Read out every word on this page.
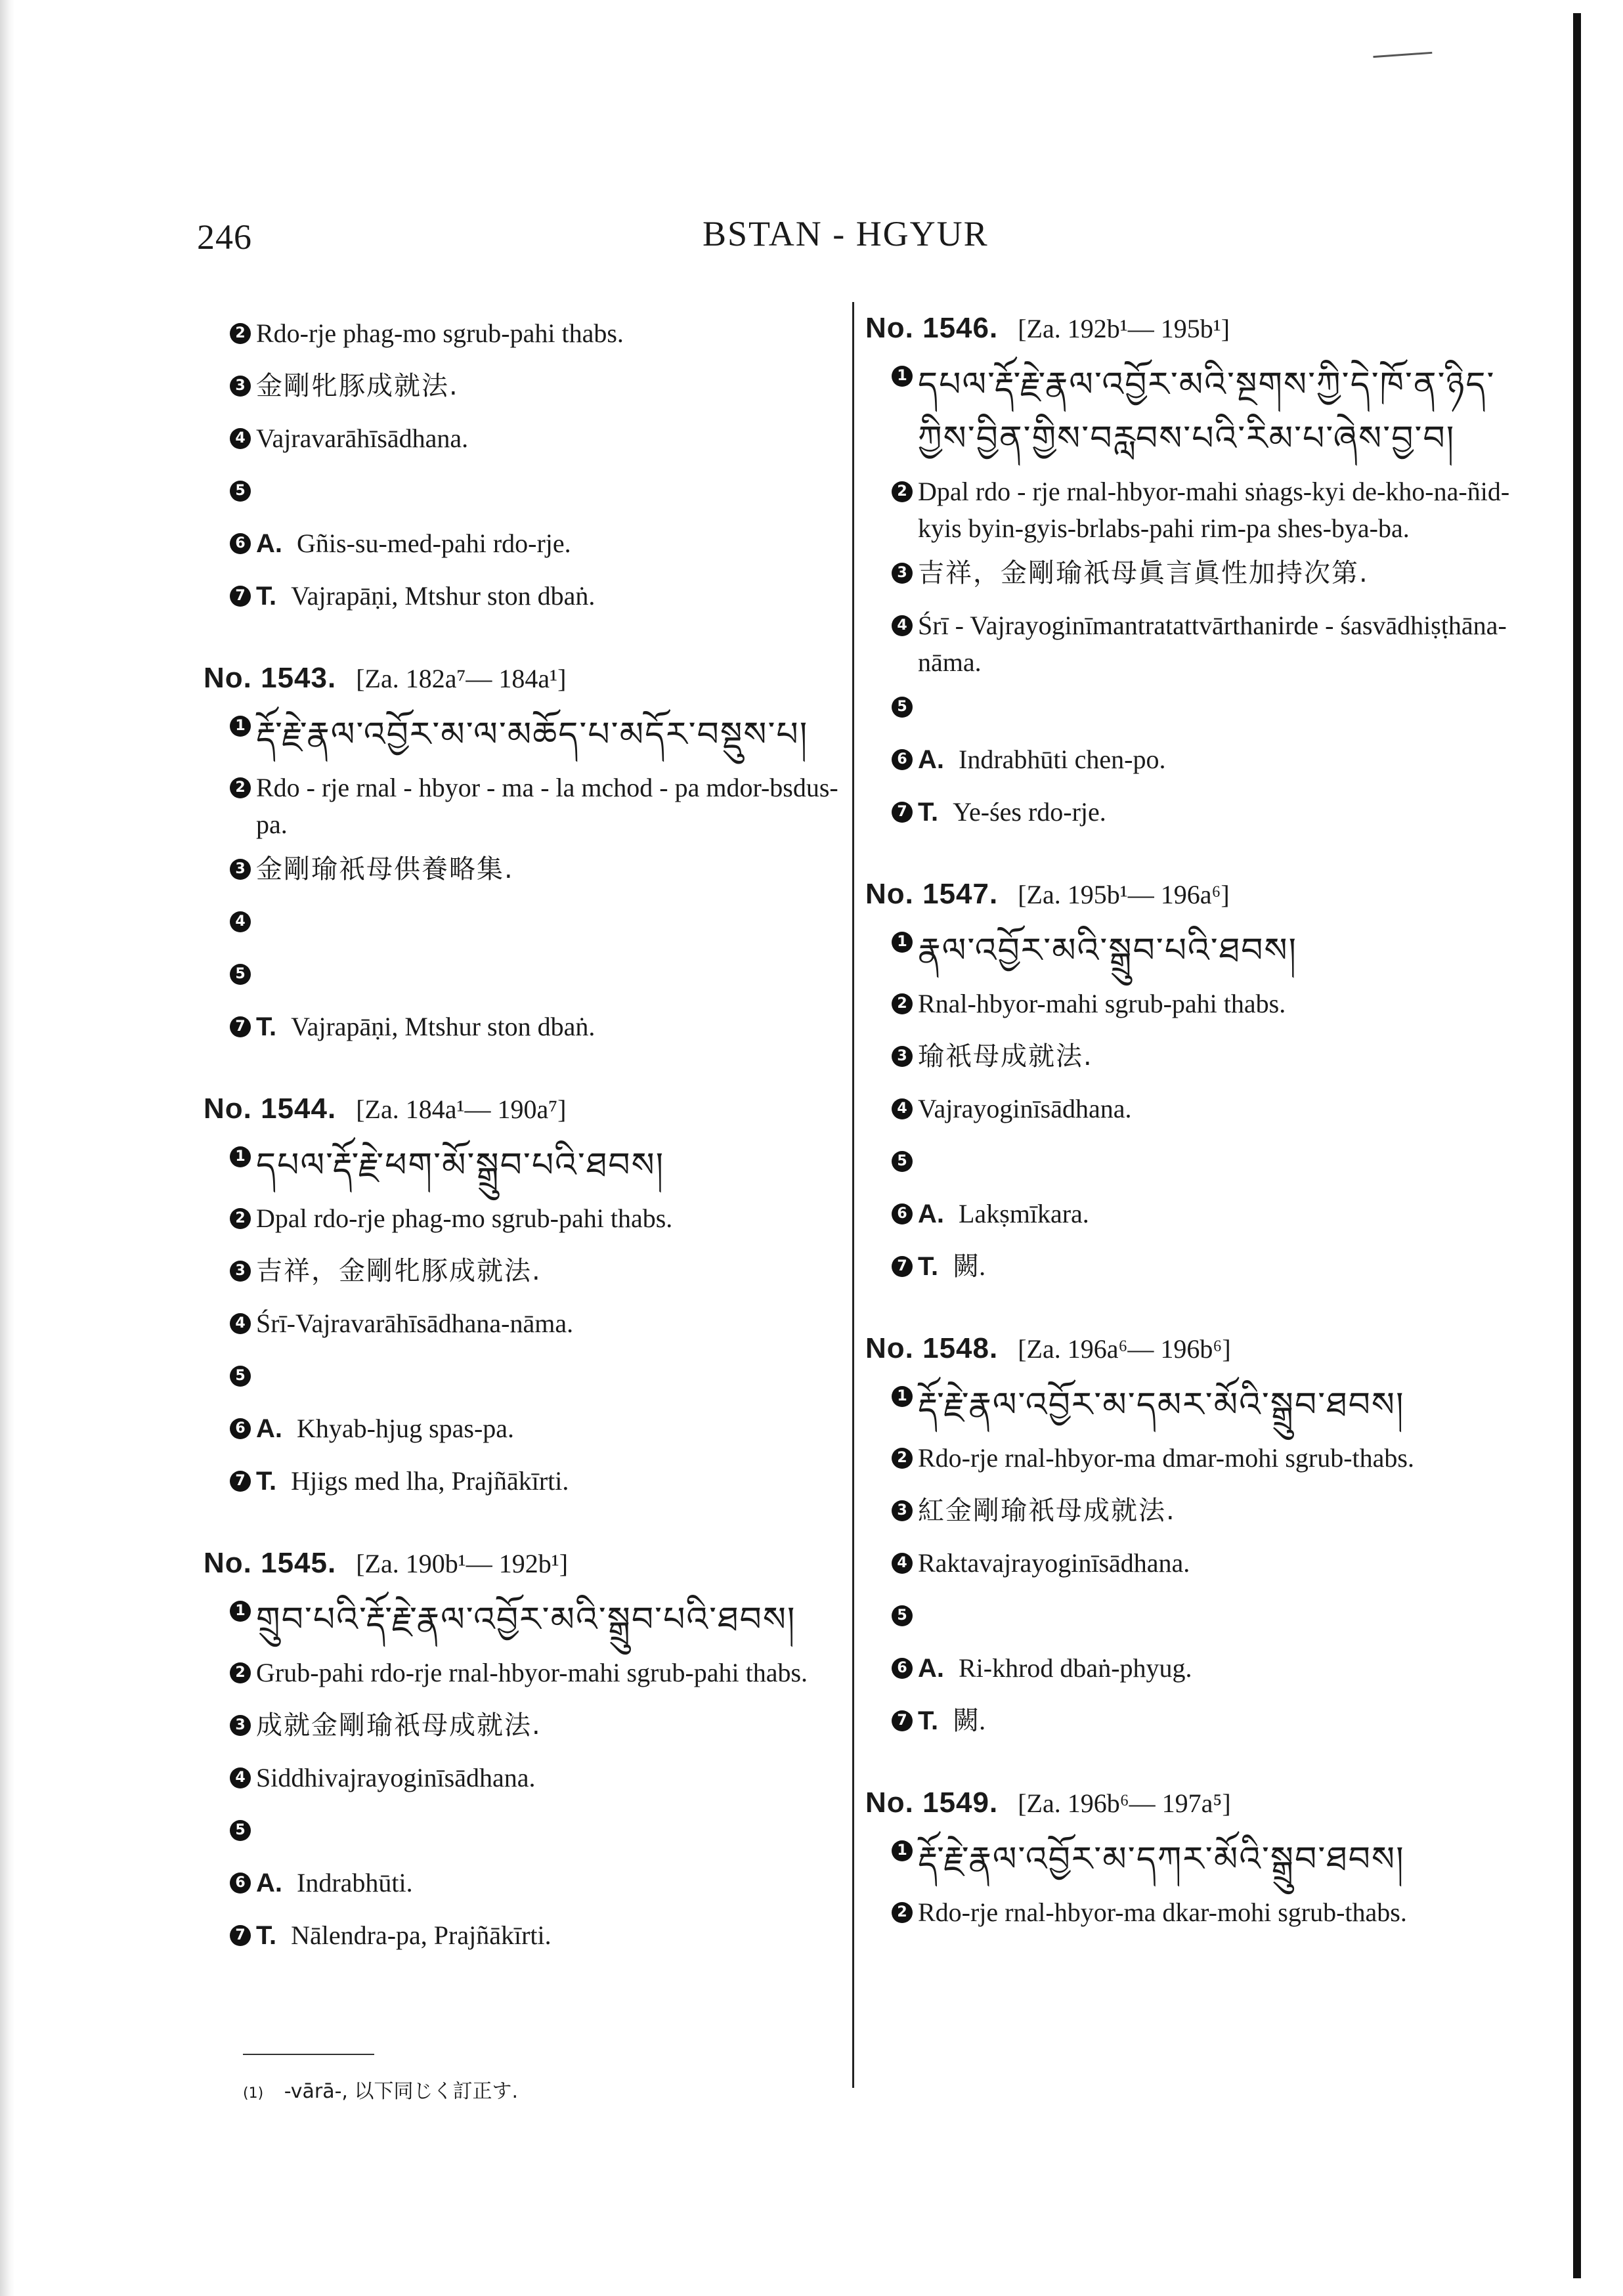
246	BSTAN - HGYUR
2 Rdo-rje phag-mo sgrub-pahi thabs.
3 金剛牝豚成就法.
4 Vajravarāhīsādhana.
5
6 A. Gñis-su-med-pahi rdo-rje.
7 T. Vajrapāṇi, Mtshur ston dbaṅ.
No. 1543. [Za. 182a⁷— 184a¹]
1 རྡོ་རྗེ་རྣལ་འབྱོར་མ་ལ་མཆོད་པ་མདོར་བསྡུས་པ།
2 Rdo - rje rnal - hbyor - ma - la mchod - pa mdor-bsdus-pa.
3 金剛瑜祇母供養略集.
4
5
7 T. Vajrapāṇi, Mtshur ston dbaṅ.
No. 1544. [Za. 184a¹— 190a⁷]
1 དཔལ་རྡོ་རྗེ་ཕག་མོ་སྒྲུབ་པའི་ཐབས།
2 Dpal rdo-rje phag-mo sgrub-pahi thabs.
3 吉祥，金剛牝豚成就法.
4 Śrī-Vajravarāhīsādhana-nāma.
5
6 A. Khyab-hjug spas-pa.
7 T. Hjigs med lha, Prajñākīrti.
No. 1545. [Za. 190b¹— 192b¹]
1 གྲུབ་པའི་རྡོ་རྗེ་རྣལ་འབྱོར་མའི་སྒྲུབ་པའི་ཐབས།
2 Grub-pahi rdo-rje rnal-hbyor-mahi sgrub-pahi thabs.
3 成就金剛瑜祇母成就法.
4 Siddhivajrayoginīsādhana.
5
6 A. Indrabhūti.
7 T. Nālendra-pa, Prajñākīrti.
No. 1546. [Za. 192b¹— 195b¹]
1 དཔལ་རྡོ་རྗེ་རྣལ་འབྱོར་མའི་སྔགས་ཀྱི་དེ་ཁོ་ན་ཉིད་ཀྱིས་བྱིན་གྱིས་བརླབས་པའི་རིམ་པ་ཞེས་བྱ་བ།
2 Dpal rdo - rje rnal-hbyor-mahi sṅags-kyi de-kho-na-ñid-kyis byin-gyis-brlabs-pahi rim-pa shes-bya-ba.
3 吉祥，金剛瑜祇母眞言眞性加持次第.
4 Śrī - Vajrayoginīmantratattvārthanirde - śasvādhiṣṭhāna-nāma.
5
6 A. Indrabhūti chen-po.
7 T. Ye-śes rdo-rje.
No. 1547. [Za. 195b¹— 196a⁶]
1 རྣལ་འབྱོར་མའི་སྒྲུབ་པའི་ཐབས།
2 Rnal-hbyor-mahi sgrub-pahi thabs.
3 瑜祇母成就法.
4 Vajrayoginīsādhana.
5
6 A. Lakṣmīkara.
7 T. 闕.
No. 1548. [Za. 196a⁶— 196b⁶]
1 རྡོ་རྗེ་རྣལ་འབྱོར་མ་དམར་མོའི་སྒྲུབ་ཐབས།
2 Rdo-rje rnal-hbyor-ma dmar-mohi sgrub-thabs.
3 紅金剛瑜祇母成就法.
4 Raktavajrayoginīsādhana.
5
6 A. Ri-khrod dbaṅ-phyug.
7 T. 闕.
No. 1549. [Za. 196b⁶— 197a⁵]
1 རྡོ་རྗེ་རྣལ་འབྱོར་མ་དཀར་མོའི་སྒྲུབ་ཐབས།
2 Rdo-rje rnal-hbyor-ma dkar-mohi sgrub-thabs.
(1) -vārā-, 以下同じく訂正す.
